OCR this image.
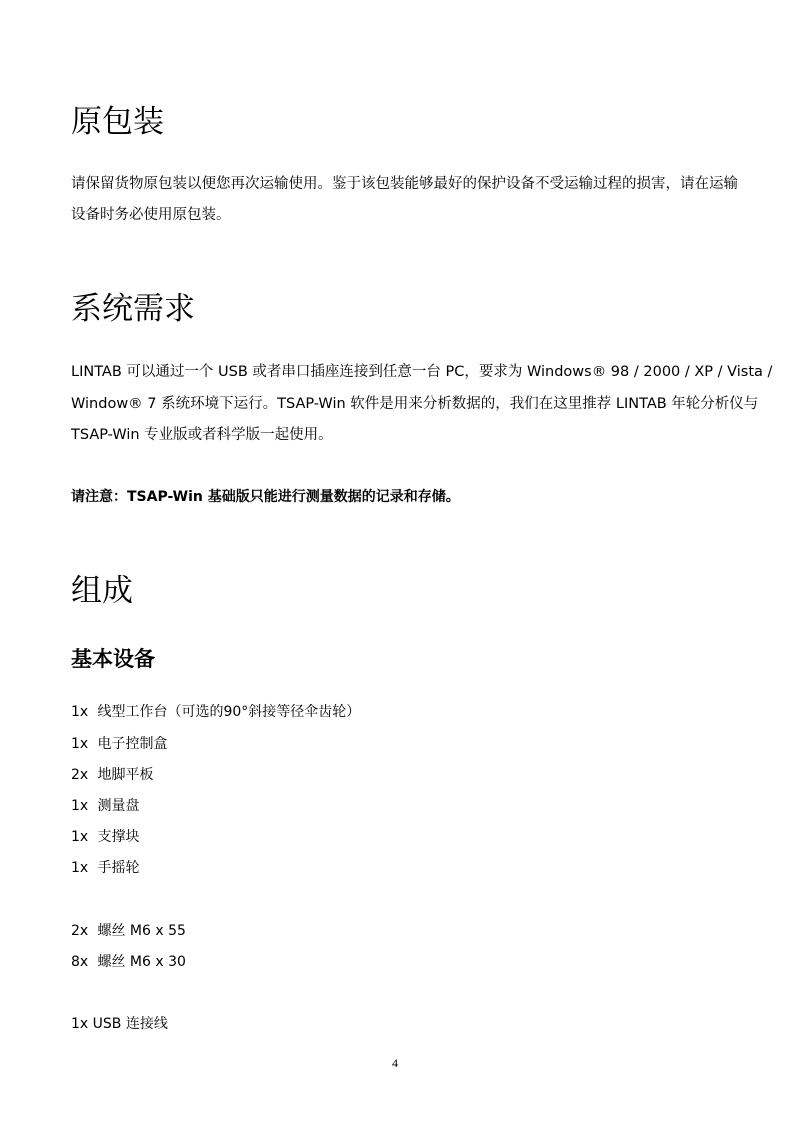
原包装
请保留货物原包装以便您再次运输使用。鉴于该包装能够最好的保护设备不受运输过程的损害，请在运输
设备时务必使用原包装。
系统需求
LINTAB 可以通过一个 USB 或者串口插座连接到任意一台 PC，要求为 Windows® 98 / 2000 / XP / Vista /
Window® 7 系统环境下运行。TSAP-Win 软件是用来分析数据的，我们在这里推荐 LINTAB 年轮分析仪与
TSAP-Win 专业版或者科学版一起使用。
请注意：TSAP-Win 基础版只能进行测量数据的记录和存储。
组成
基本设备
1x 线型工作台（可选的90°斜接等径伞齿轮）
1x 电子控制盒
2x 地脚平板
1x 测量盘
1x 支撑块
1x 手摇轮
2x 螺丝 M6 x 55
8x 螺丝 M6 x 30
1x USB 连接线
4
